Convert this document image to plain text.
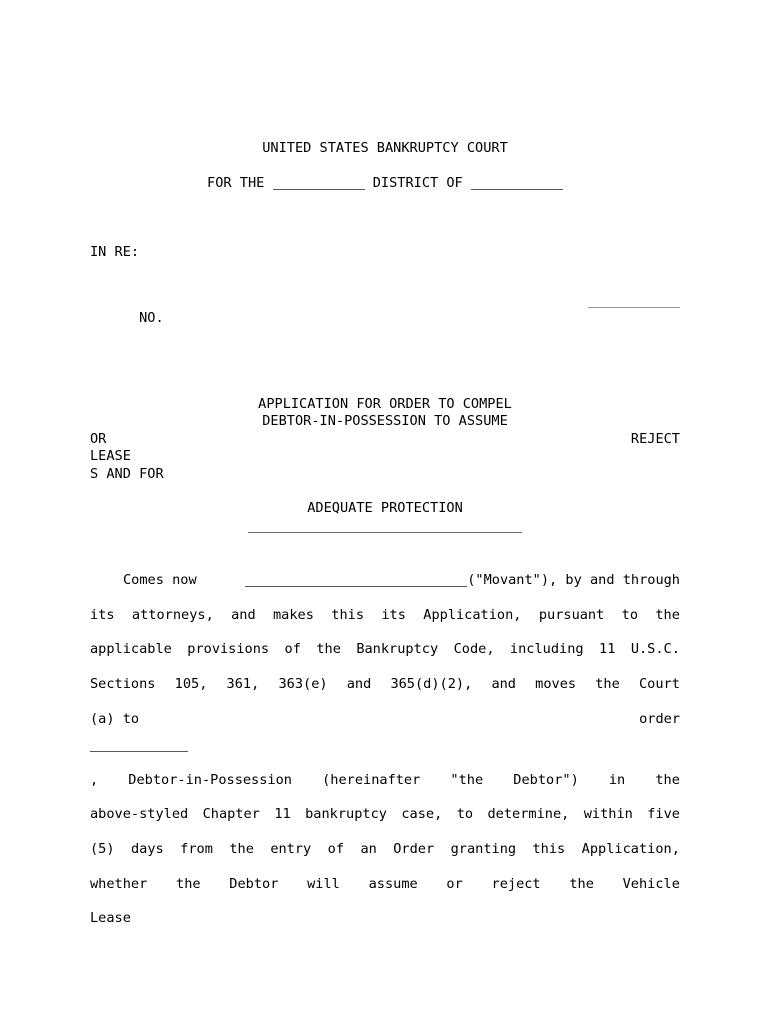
UNITED STATES BANKRUPTCY COURT
FOR THE	DISTRICT OF
IN RE:

NO.

APPLICATION FOR ORDER TO COMPEL
DEBTOR-IN-POSSESSION TO ASSUME
OR	REJECT
LEASE
S AND FOR
ADEQUATE PROTECTION
Comes now	("Movant"), by and through
its attorneys, and makes this its Application, pursuant to the
applicable provisions of the Bankruptcy Code, including 11 U.S.C.
Sections 105, 361, 363(e) and 365(d)(2), and moves the Court
(a) to	order
, Debtor-in-Possession (hereinafter "the Debtor") in the
above-styled Chapter 11 bankruptcy case, to determine, within five
(5) days from the entry of an Order granting this Application,
whether the Debtor will assume or reject the Vehicle
Lease
